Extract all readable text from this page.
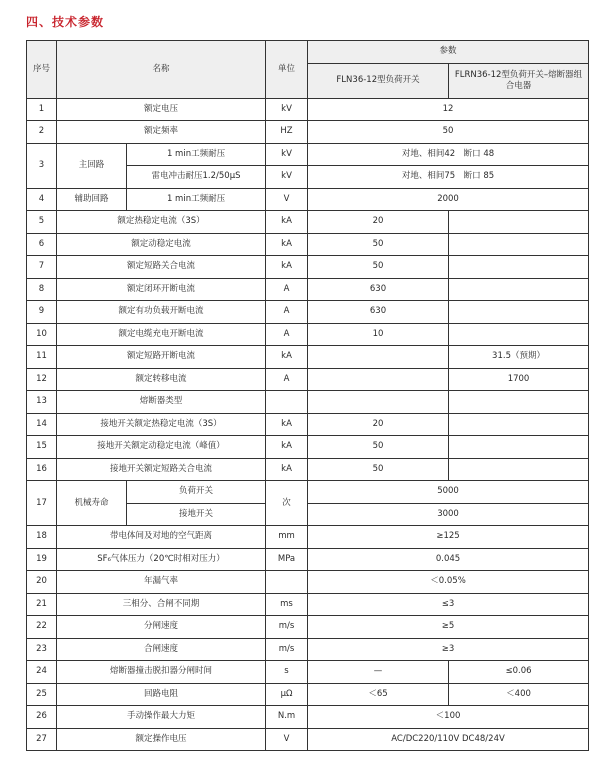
四、技术参数
序号	名称		单位	参数	
				FLN36-12型负荷开关	FLRN36-12型负荷开关–熔断器组合电器
1	额定电压		kV	12	
2	额定频率		HZ	50	
3	主回路	1 min工频耐压	kV	对地、相间42　断口 48	
		雷电冲击耐压1.2/50μS	kV	对地、相间75　断口 85	
4	辅助回路	1 min工频耐压	V	2000	
5	额定热稳定电流（3S）		kA	20	
6	额定动稳定电流		kA	50	
7	额定短路关合电流		kA	50	
8	额定闭环开断电流		A	630	
9	额定有功负载开断电流		A	630	
10	额定电缆充电开断电流		A	10	
11	额定短路开断电流		kA		31.5（预期）
12	额定转移电流		A		1700
13	熔断器类型				
14	接地开关额定热稳定电流（3S）		kA	20	
15	接地开关额定动稳定电流（峰值）		kA	50	
16	接地开关额定短路关合电流		kA	50	
17	机械寿命	负荷开关	次	5000	
		接地开关		3000	
18	带电体间及对地的空气距离		mm	≥125	
19	SF₆气体压力（20℃时相对压力）		MPa	0.045	
20	年漏气率			＜0.05%	
21	三相分、合闸不同期		ms	≤3	
22	分闸速度		m/s	≥5	
23	合闸速度		m/s	≥3	
24	熔断器撞击脱扣器分闸时间		s	—	≤0.06
25	回路电阻		μΩ	＜65	＜400
26	手动操作最大力矩		N.m	＜100	
27	额定操作电压		V	AC/DC220/110V DC48/24V	
